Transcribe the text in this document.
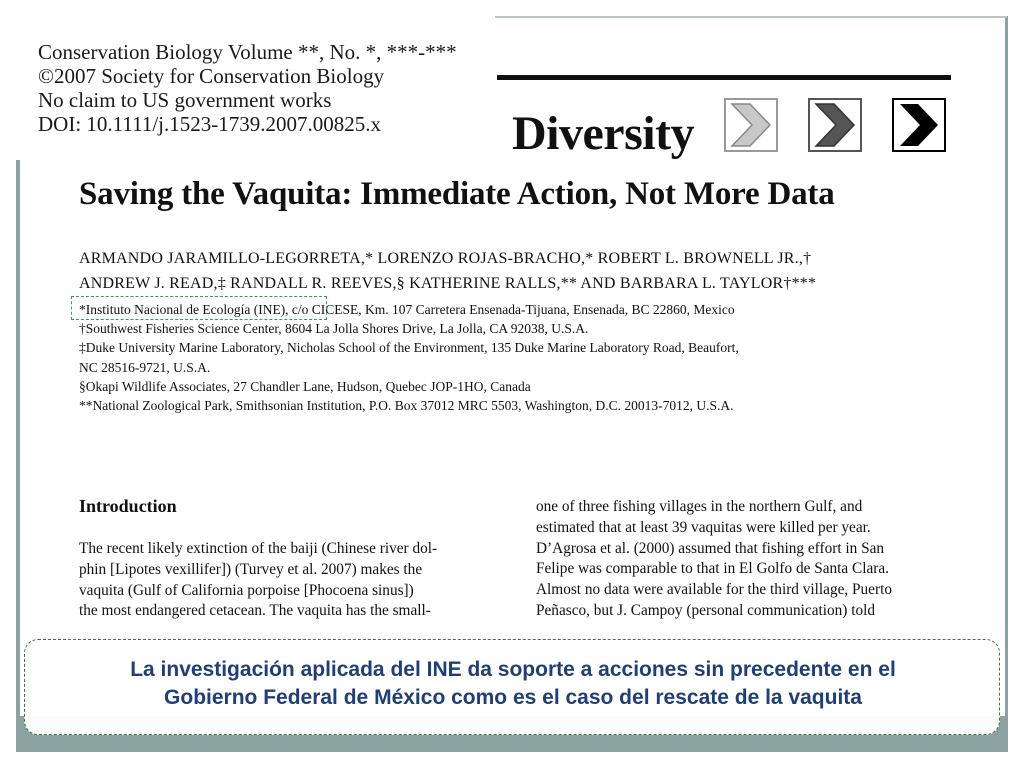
Conservation Biology Volume **, No. *, ***-***
©2007 Society for Conservation Biology
No claim to US government works
DOI: 10.1111/j.1523-1739.2007.00825.x	Diversity
Saving the Vaquita: Immediate Action, Not More Data
ARMANDO JARAMILLO-LEGORRETA,* LORENZO ROJAS-BRACHO,* ROBERT L. BROWNELL JR.,†
ANDREW J. READ,‡ RANDALL R. REEVES,§ KATHERINE RALLS,** AND BARBARA L. TAYLOR†***
*Instituto Nacional de Ecología (INE), c/o CICESE, Km. 107 Carretera Ensenada-Tijuana, Ensenada, BC 22860, Mexico
†Southwest Fisheries Science Center, 8604 La Jolla Shores Drive, La Jolla, CA 92038, U.S.A.
‡Duke University Marine Laboratory, Nicholas School of the Environment, 135 Duke Marine Laboratory Road, Beaufort,
NC 28516-9721, U.S.A.
§Okapi Wildlife Associates, 27 Chandler Lane, Hudson, Quebec JOP-1HO, Canada
**National Zoological Park, Smithsonian Institution, P.O. Box 37012 MRC 5503, Washington, D.C. 20013-7012, U.S.A.
Introduction
The recent likely extinction of the baiji (Chinese river dol-
phin [Lipotes vexillifer]) (Turvey et al. 2007) makes the
vaquita (Gulf of California porpoise [Phocoena sinus])
the most endangered cetacean. The vaquita has the small-
one of three fishing villages in the northern Gulf, and
estimated that at least 39 vaquitas were killed per year.
D’Agrosa et al. (2000) assumed that fishing effort in San
Felipe was comparable to that in El Golfo de Santa Clara.
Almost no data were available for the third village, Puerto
Peñasco, but J. Campoy (personal communication) told
La investigación aplicada del INE da soporte a acciones sin precedente en el
Gobierno Federal de México como es el caso del rescate de la vaquita
